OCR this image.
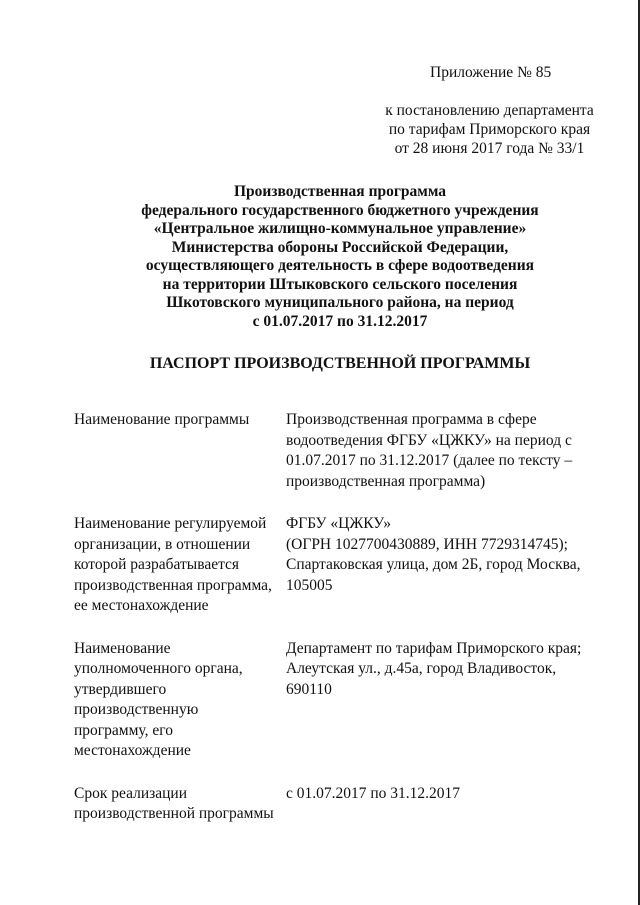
Приложение № 85
к постановлению департамента
по тарифам Приморского края
от 28 июня 2017 года № 33/1
Производственная программа
федерального государственного бюджетного учреждения
«Центральное жилищно-коммунальное управление»
Министерства обороны Российской Федерации,
осуществляющего деятельность в сфере водоотведения
на территории Штыковского сельского поселения
Шкотовского муниципального района, на период
с 01.07.2017 по 31.12.2017
ПАСПОРТ ПРОИЗВОДСТВЕННОЙ ПРОГРАММЫ
Наименование программы	Производственная программа в сфере
водоотведения ФГБУ «ЦЖКУ» на период с
01.07.2017 по 31.12.2017 (далее по тексту –
производственная программа)
Наименование регулируемой
организации, в отношении
которой разрабатывается
производственная программа,
ее местонахождение
ФГБУ «ЦЖКУ»
(ОГРН 1027700430889, ИНН 7729314745);
Спартаковская улица, дом 2Б, город Москва,
105005
Наименование
уполномоченного органа,
утвердившего
производственную
программу, его
местонахождение
Департамент по тарифам Приморского края;
Алеутская ул., д.45а, город Владивосток,
690110
Срок реализации
производственной программы
с 01.07.2017 по 31.12.2017
